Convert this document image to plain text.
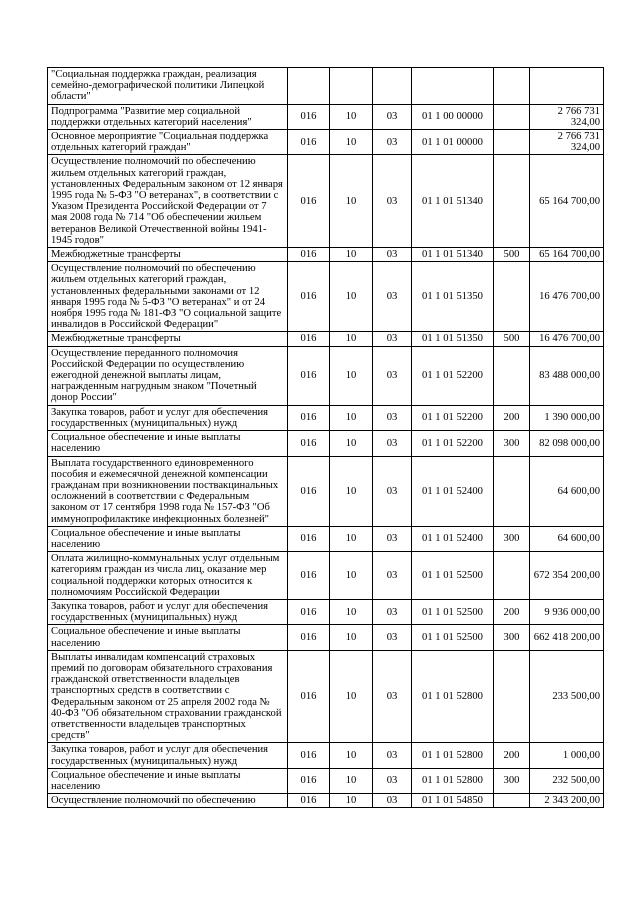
"Социальная поддержка граждан, реализация семейно-демографической политики Липецкой области"						
Подпрограмма "Развитие мер социальной поддержки отдельных категорий населения"	016	10	03	01 1 00 00000		2 766 731 324,00
Основное мероприятие "Социальная поддержка отдельных категорий граждан"	016	10	03	01 1 01 00000		2 766 731 324,00
Осуществление полномочий по обеспечению жильем отдельных категорий граждан, установленных Федеральным законом от 12 января 1995 года № 5-ФЗ "О ветеранах", в соответствии с Указом Президента Российской Федерации от 7 мая 2008 года № 714 "Об обеспечении жильем ветеранов Великой Отечественной войны 1941-1945 годов"	016	10	03	01 1 01 51340		65 164 700,00
Межбюджетные трансферты	016	10	03	01 1 01 51340	500	65 164 700,00
Осуществление полномочий по обеспечению жильем отдельных категорий граждан, установленных федеральными законами от 12 января 1995 года № 5-ФЗ "О ветеранах" и от 24 ноября 1995 года № 181-ФЗ "О социальной защите инвалидов в Российской Федерации"	016	10	03	01 1 01 51350		16 476 700,00
Межбюджетные трансферты	016	10	03	01 1 01 51350	500	16 476 700,00
Осуществление переданного полномочия Российской Федерации по осуществлению ежегодной денежной выплаты лицам, награжденным нагрудным знаком "Почетный донор России"	016	10	03	01 1 01 52200		83 488 000,00
Закупка товаров, работ и услуг для обеспечения государственных (муниципальных) нужд	016	10	03	01 1 01 52200	200	1 390 000,00
Социальное обеспечение и иные выплаты населению	016	10	03	01 1 01 52200	300	82 098 000,00
Выплата государственного единовременного пособия и ежемесячной денежной компенсации гражданам при возникновении поствакцинальных осложнений в соответствии с Федеральным законом от 17 сентября 1998 года № 157-ФЗ "Об иммунопрофилактике инфекционных болезней"	016	10	03	01 1 01 52400		64 600,00
Социальное обеспечение и иные выплаты населению	016	10	03	01 1 01 52400	300	64 600,00
Оплата жилищно-коммунальных услуг отдельным категориям граждан из числа лиц, оказание мер социальной поддержки которых относится к полномочиям Российской Федерации	016	10	03	01 1 01 52500		672 354 200,00
Закупка товаров, работ и услуг для обеспечения государственных (муниципальных) нужд	016	10	03	01 1 01 52500	200	9 936 000,00
Социальное обеспечение и иные выплаты населению	016	10	03	01 1 01 52500	300	662 418 200,00
Выплаты инвалидам компенсаций страховых премий по договорам обязательного страхования гражданской ответственности владельцев транспортных средств в соответствии с Федеральным законом от 25 апреля 2002 года № 40-ФЗ "Об обязательном страховании гражданской ответственности владельцев транспортных средств"	016	10	03	01 1 01 52800		233 500,00
Закупка товаров, работ и услуг для обеспечения государственных (муниципальных) нужд	016	10	03	01 1 01 52800	200	1 000,00
Социальное обеспечение и иные выплаты населению	016	10	03	01 1 01 52800	300	232 500,00
Осуществление полномочий по обеспечению	016	10	03	01 1 01 54850		2 343 200,00
